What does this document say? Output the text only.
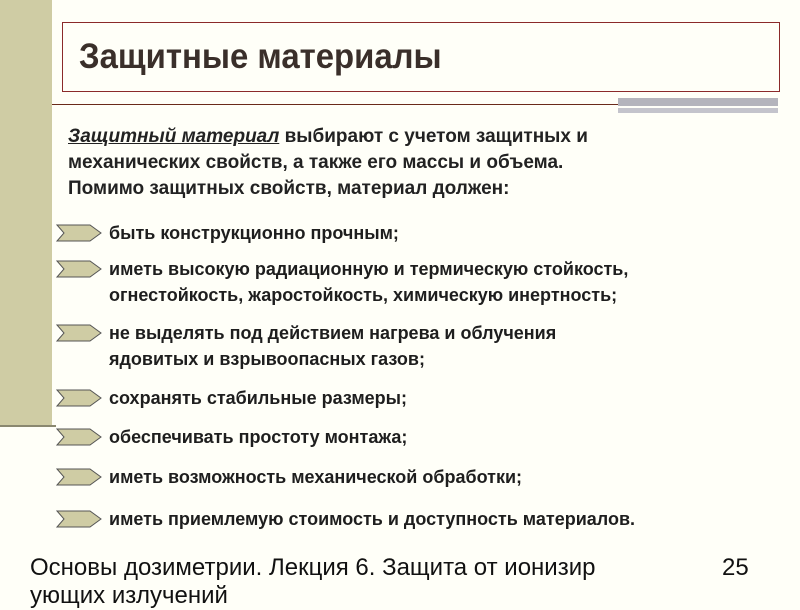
Защитные материалы
Защитный материал выбирают с учетом защитных и
механических свойств, а также его массы и объема.
Помимо защитных свойств, материал должен:
быть конструкционно прочным;
иметь высокую радиационную и термическую стойкость,
огнестойкость, жаростойкость, химическую инертность;
не выделять под действием нагрева и облучения
ядовитых и взрывоопасных газов;
сохранять стабильные размеры;
обеспечивать простоту монтажа;
иметь возможность механической обработки;
иметь приемлемую стоимость и доступность материалов.
Основы дозиметрии. Лекция 6. Защита от ионизир
ующих излучений
25
